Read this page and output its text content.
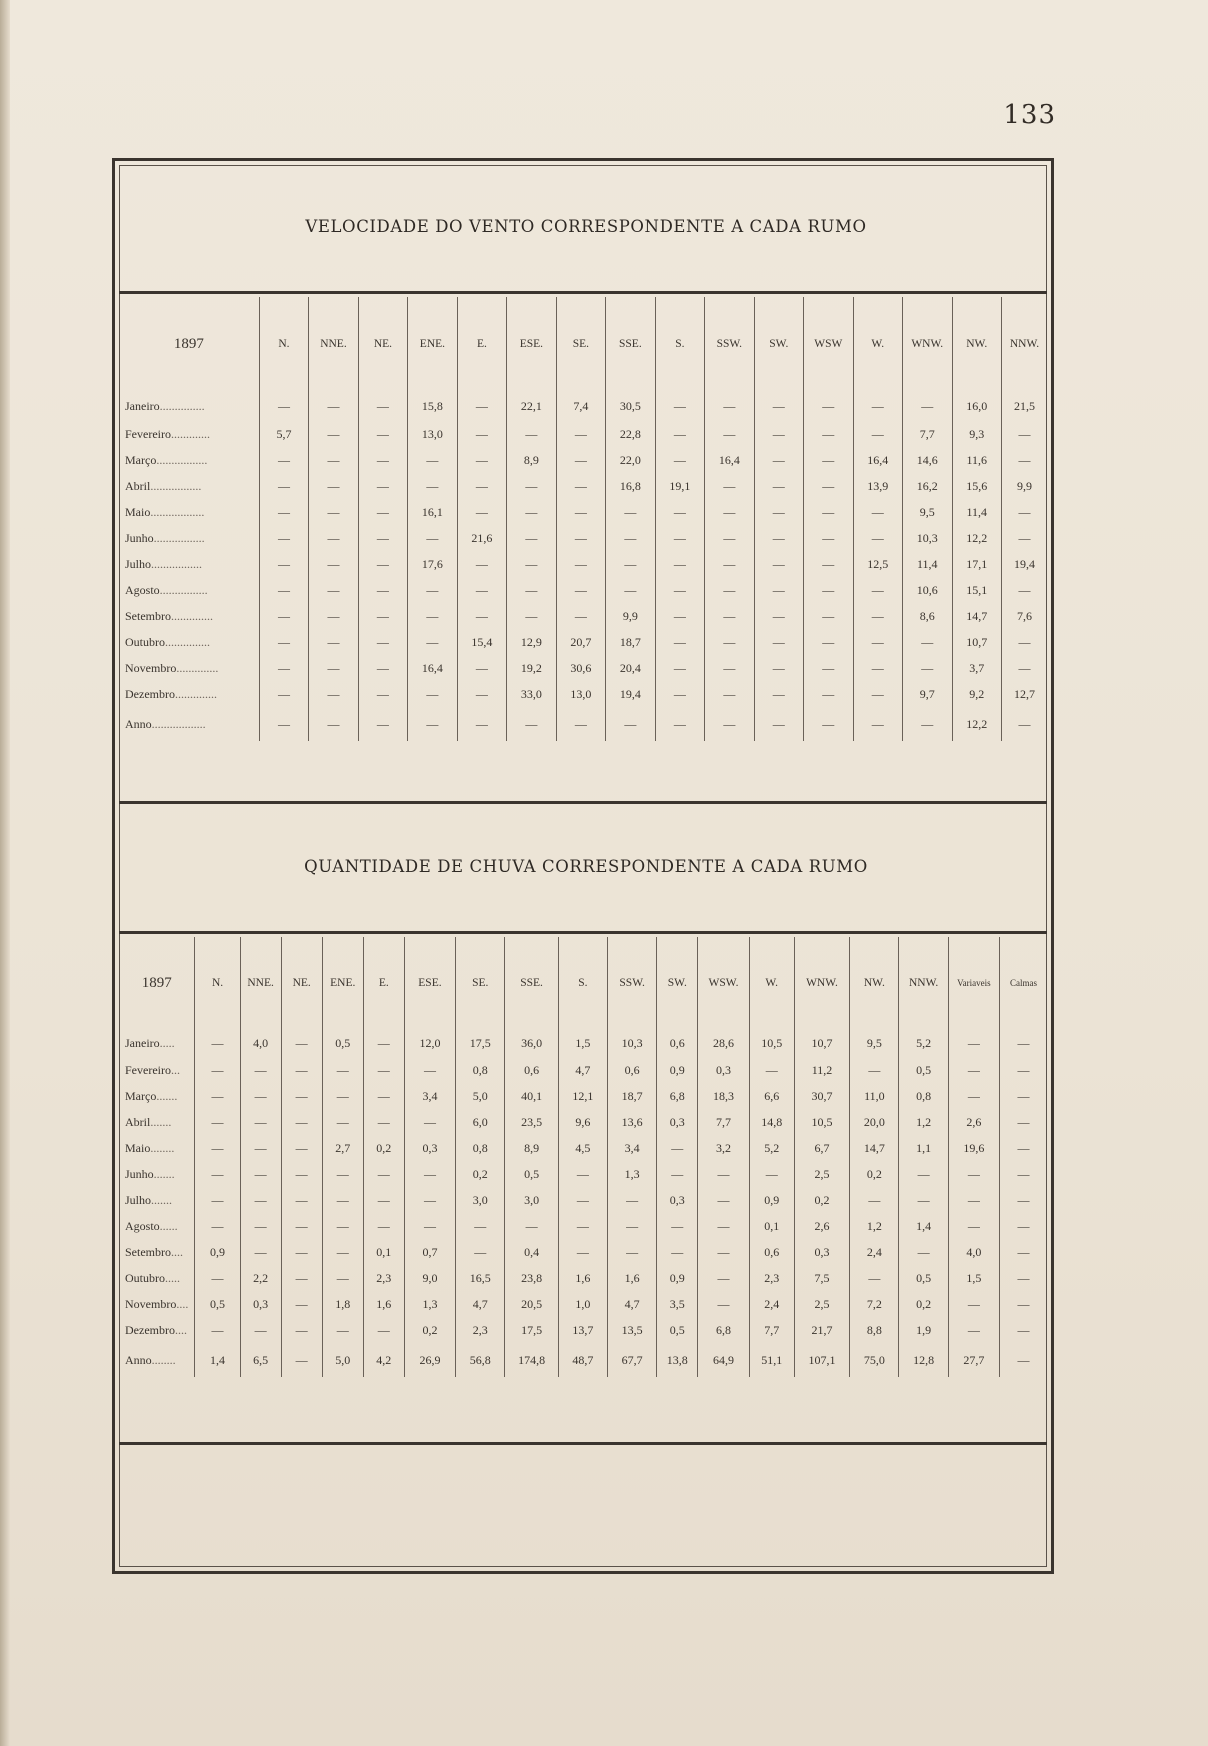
133
VELOCIDADE DO VENTO CORRESPONDENTE A CADA RUMO
1897	N.	NNE.	NE.	ENE.	E.	ESE.	SE.	SSE.	S.	SSW.	SW.	WSW	W.	WNW.	NW.	NNW.
Janeiro...............	—	—	—	15,8	—	22,1	7,4	30,5	—	—	—	—	—	—	16,0	21,5
Fevereiro.............	5,7	—	—	13,0	—	—	—	22,8	—	—	—	—	—	7,7	9,3	—
Março.................	—	—	—	—	—	8,9	—	22,0	—	16,4	—	—	16,4	14,6	11,6	—
Abril.................	—	—	—	—	—	—	—	16,8	19,1	—	—	—	13,9	16,2	15,6	9,9
Maio..................	—	—	—	16,1	—	—	—	—	—	—	—	—	—	9,5	11,4	—
Junho.................	—	—	—	—	21,6	—	—	—	—	—	—	—	—	10,3	12,2	—
Julho.................	—	—	—	17,6	—	—	—	—	—	—	—	—	12,5	11,4	17,1	19,4
Agosto................	—	—	—	—	—	—	—	—	—	—	—	—	—	10,6	15,1	—
Setembro..............	—	—	—	—	—	—	—	9,9	—	—	—	—	—	8,6	14,7	7,6
Outubro...............	—	—	—	—	15,4	12,9	20,7	18,7	—	—	—	—	—	—	10,7	—
Novembro..............	—	—	—	16,4	—	19,2	30,6	20,4	—	—	—	—	—	—	3,7	—
Dezembro..............	—	—	—	—	—	33,0	13,0	19,4	—	—	—	—	—	9,7	9,2	12,7
Anno..................	—	—	—	—	—	—	—	—	—	—	—	—	—	—	12,2	—
QUANTIDADE DE CHUVA CORRESPONDENTE A CADA RUMO
1897	N.	NNE.	NE.	ENE.	E.	ESE.	SE.	SSE.	S.	SSW.	SW.	WSW.	W.	WNW.	NW.	NNW.	Variaveis	Calmas
Janeiro.....	—	4,0	—	0,5	—	12,0	17,5	36,0	1,5	10,3	0,6	28,6	10,5	10,7	9,5	5,2	—	—
Fevereiro...	—	—	—	—	—	—	0,8	0,6	4,7	0,6	0,9	0,3	—	11,2	—	0,5	—	—
Março.......	—	—	—	—	—	3,4	5,0	40,1	12,1	18,7	6,8	18,3	6,6	30,7	11,0	0,8	—	—
Abril.......	—	—	—	—	—	—	6,0	23,5	9,6	13,6	0,3	7,7	14,8	10,5	20,0	1,2	2,6	—
Maio........	—	—	—	2,7	0,2	0,3	0,8	8,9	4,5	3,4	—	3,2	5,2	6,7	14,7	1,1	19,6	—
Junho.......	—	—	—	—	—	—	0,2	0,5	—	1,3	—	—	—	2,5	0,2	—	—	—
Julho.......	—	—	—	—	—	—	3,0	3,0	—	—	0,3	—	0,9	0,2	—	—	—	—
Agosto......	—	—	—	—	—	—	—	—	—	—	—	—	0,1	2,6	1,2	1,4	—	—
Setembro....	0,9	—	—	—	0,1	0,7	—	0,4	—	—	—	—	0,6	0,3	2,4	—	4,0	—
Outubro.....	—	2,2	—	—	2,3	9,0	16,5	23,8	1,6	1,6	0,9	—	2,3	7,5	—	0,5	1,5	—
Novembro....	0,5	0,3	—	1,8	1,6	1,3	4,7	20,5	1,0	4,7	3,5	—	2,4	2,5	7,2	0,2	—	—
Dezembro....	—	—	—	—	—	0,2	2,3	17,5	13,7	13,5	0,5	6,8	7,7	21,7	8,8	1,9	—	—
Anno........	1,4	6,5	—	5,0	4,2	26,9	56,8	174,8	48,7	67,7	13,8	64,9	51,1	107,1	75,0	12,8	27,7	—
